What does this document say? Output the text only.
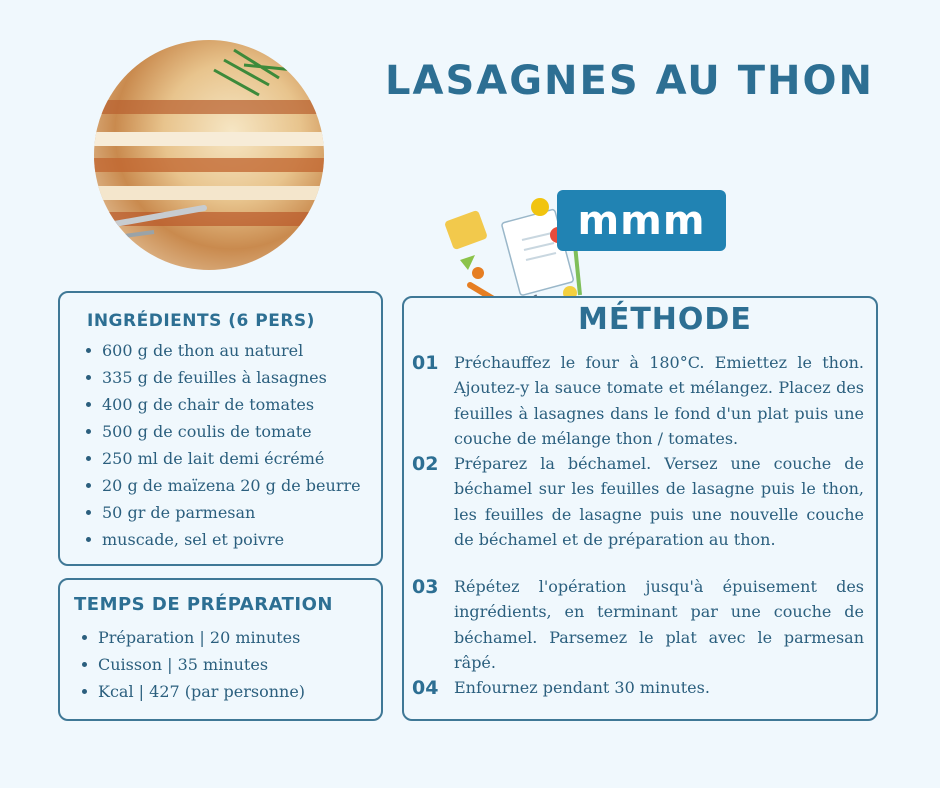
LASAGNES AU THON
mmm
INGRÉDIENTS (6 PERS)
600 g de thon au naturel
335 g de feuilles à lasagnes
400 g de chair de tomates
500 g de coulis de tomate
250 ml de lait demi écrémé
20 g de maïzena 20 g de beurre
50 gr de parmesan
muscade, sel et poivre
TEMPS DE PRÉPARATION
Préparation | 20 minutes
Cuisson | 35 minutes
Kcal | 427 (par personne)
MÉTHODE
01 Préchauffez le four à 180°C. Emiettez le thon. Ajoutez-y la sauce tomate et mélangez. Placez des feuilles à lasagnes dans le fond d'un plat puis une couche de mélange thon / tomates.
02 Préparez la béchamel. Versez une couche de béchamel sur les feuilles de lasagne puis le thon, les feuilles de lasagne puis une nouvelle couche de béchamel et de préparation au thon.
03 Répétez l'opération jusqu'à épuisement des ingrédients, en terminant par une couche de béchamel. Parsemez le plat avec le parmesan râpé.
04 Enfournez pendant 30 minutes.
